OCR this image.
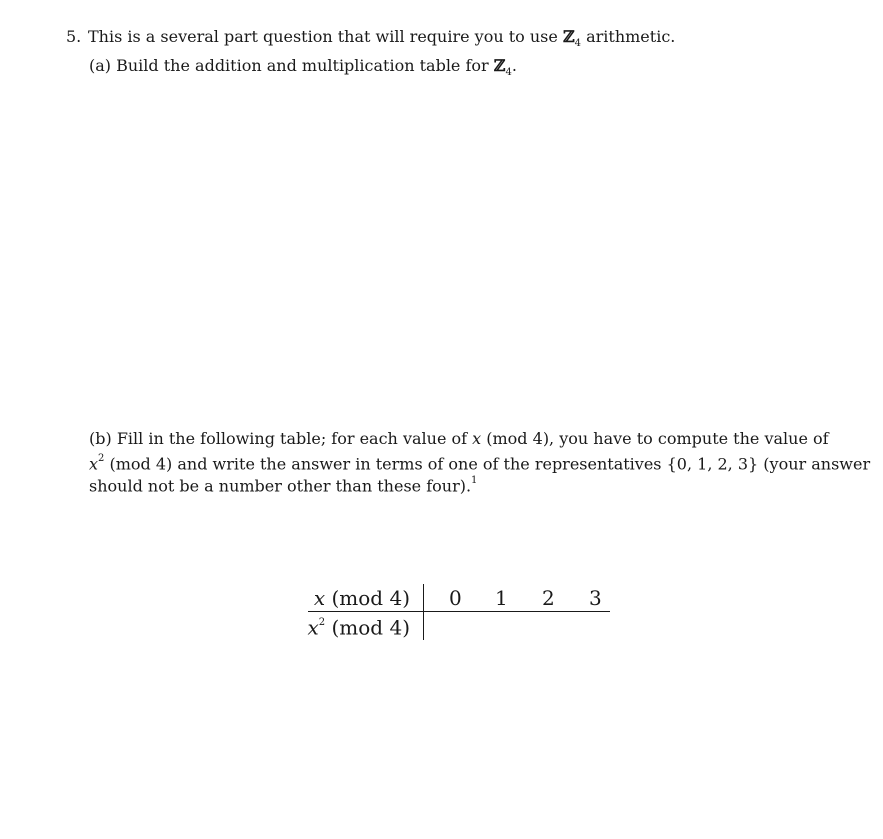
5. This is a several part question that will require you to use ℤ$_4$ arithmetic.
(a) Build the addition and multiplication table for ℤ$_4$.
(b) Fill in the following table; for each value of x (mod 4), you have to compute the value of
$x^2$ (mod 4) and write the answer in terms of one of the representatives {0, 1, 2, 3} (your answer
should not be a number other than these four).$^1$
x (mod 4)
$x^2$ (mod 4)
0 1 2 3
